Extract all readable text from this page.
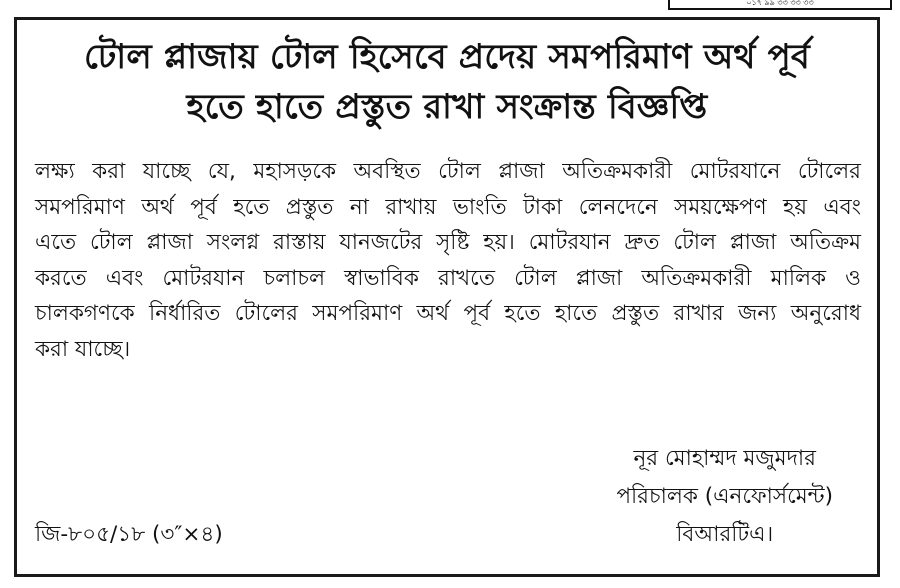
০১৭ ৯৯ ৩৩ ৩৩ ৩৩
টোল প্লাজায় টোল হিসেবে প্রদেয় সমপরিমাণ অর্থ পূর্ব
হতে হাতে প্রস্তুত রাখা সংক্রান্ত বিজ্ঞপ্তি
লক্ষ্য করা যাচ্ছে যে, মহাসড়কে অবস্থিত টোল প্লাজা অতিক্রমকারী মোটরযানে টোলের
সমপরিমাণ অর্থ পূর্ব হতে প্রস্তুত না রাখায় ভাংতি টাকা লেনদেনে সময়ক্ষেপণ হয় এবং
এতে টোল প্লাজা সংলগ্ন রাস্তায় যানজটের সৃষ্টি হয়। মোটরযান দ্রুত টোল প্লাজা অতিক্রম
করতে এবং মোটরযান চলাচল স্বাভাবিক রাখতে টোল প্লাজা অতিক্রমকারী মালিক ও
চালকগণকে নির্ধারিত টোলের সমপরিমাণ অর্থ পূর্ব হতে হাতে প্রস্তুত রাখার জন্য অনুরোধ
করা যাচ্ছে।
নূর মোহাম্মদ মজুমদার
পরিচালক (এনফোর্সমেন্ট)
বিআরটিএ।
জি-৮০৫/১৮ (৩″×৪)
